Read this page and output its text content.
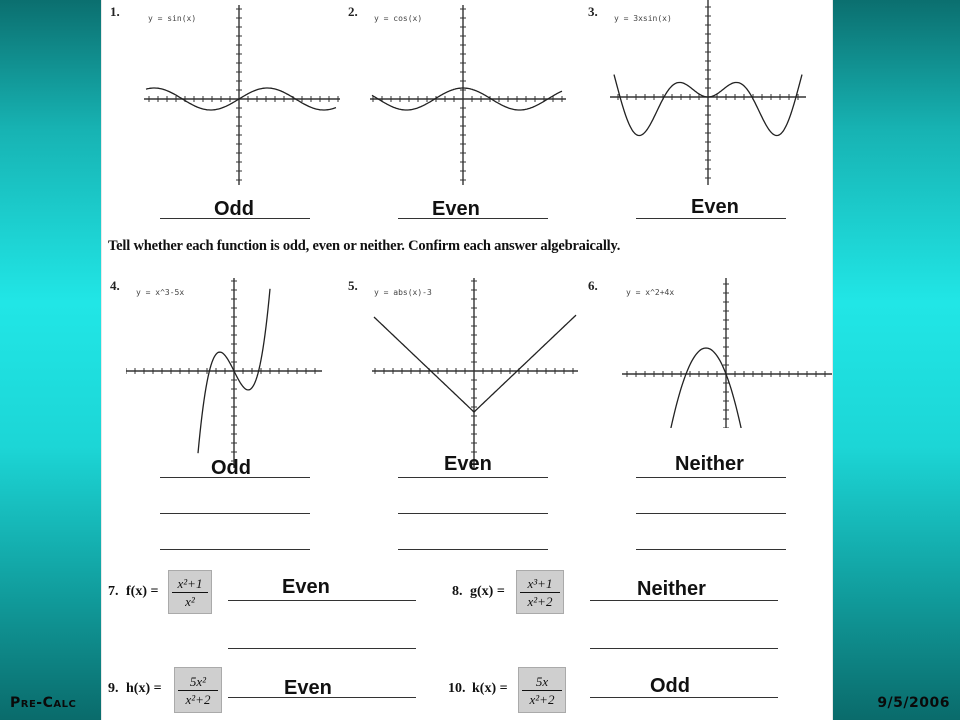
1.	y = sin(x)
Odd
2. y = cos(x)
Even
3. y = 3xsin(x)
Even
Tell whether each function is odd, even or neither. Confirm each answer algebraically.
4. y = x^3-5x
Odd
5. y = abs(x)-3
Even
6.	y = x^2+4x
Neither
7. f(x) =
x²+1
x²
Even	8. g(x) =
x³+1
x²+2
Neither
9. h(x) = 5x²
x²+2	Even	10. k(x) = 5x
x²+2
Odd
Pre-Calc	9/5/2006
